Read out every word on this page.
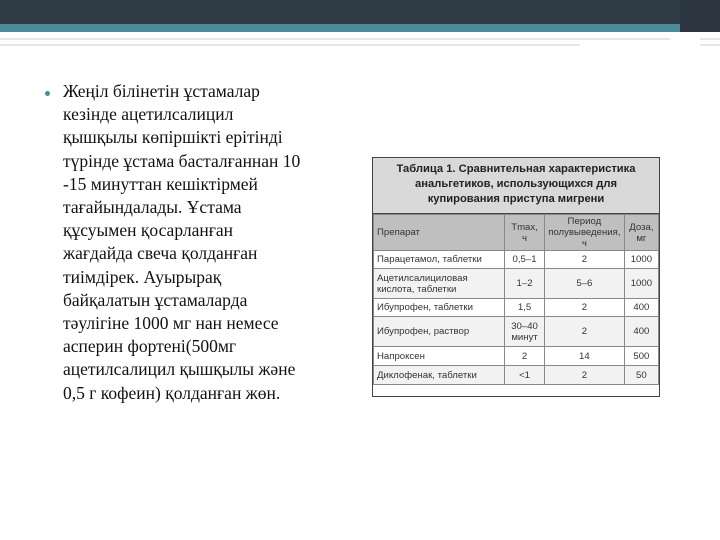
Жеңіл білінетін ұстамалар
кезінде ацетилсалицил
қышқылы көпіршікті ерітінді
түрінде ұстама басталғаннан 10
-15 минуттан кешіктірмей
тағайындалады. Ұстама
құсуымен қосарланған
жағдайда свеча қолданған
тиімдірек. Ауырырақ
байқалатын ұстамаларда
тәулігіне 1000 мг нан немесе
асперин фортені(500мг
ацетилсалицил қышқылы және
0,5 г кофеин) қолданған жөн.
Таблица 1. Сравнительная характеристика
анальгетиков, использующихся для
купирования приступа мигрени
Препарат	Tmax, ч	Период полувыведения, ч	Доза, мг
Парацетамол, таблетки	0,5–1	2	1000
Ацетилсалициловая кислота, таблетки	1–2	5–6	1000
Ибупрофен, таблетки	1,5	2	400
Ибупрофен, раствор	30–40 минут	2	400
Напроксен	2	14	500
Диклофенак, таблетки	<1	2	50
